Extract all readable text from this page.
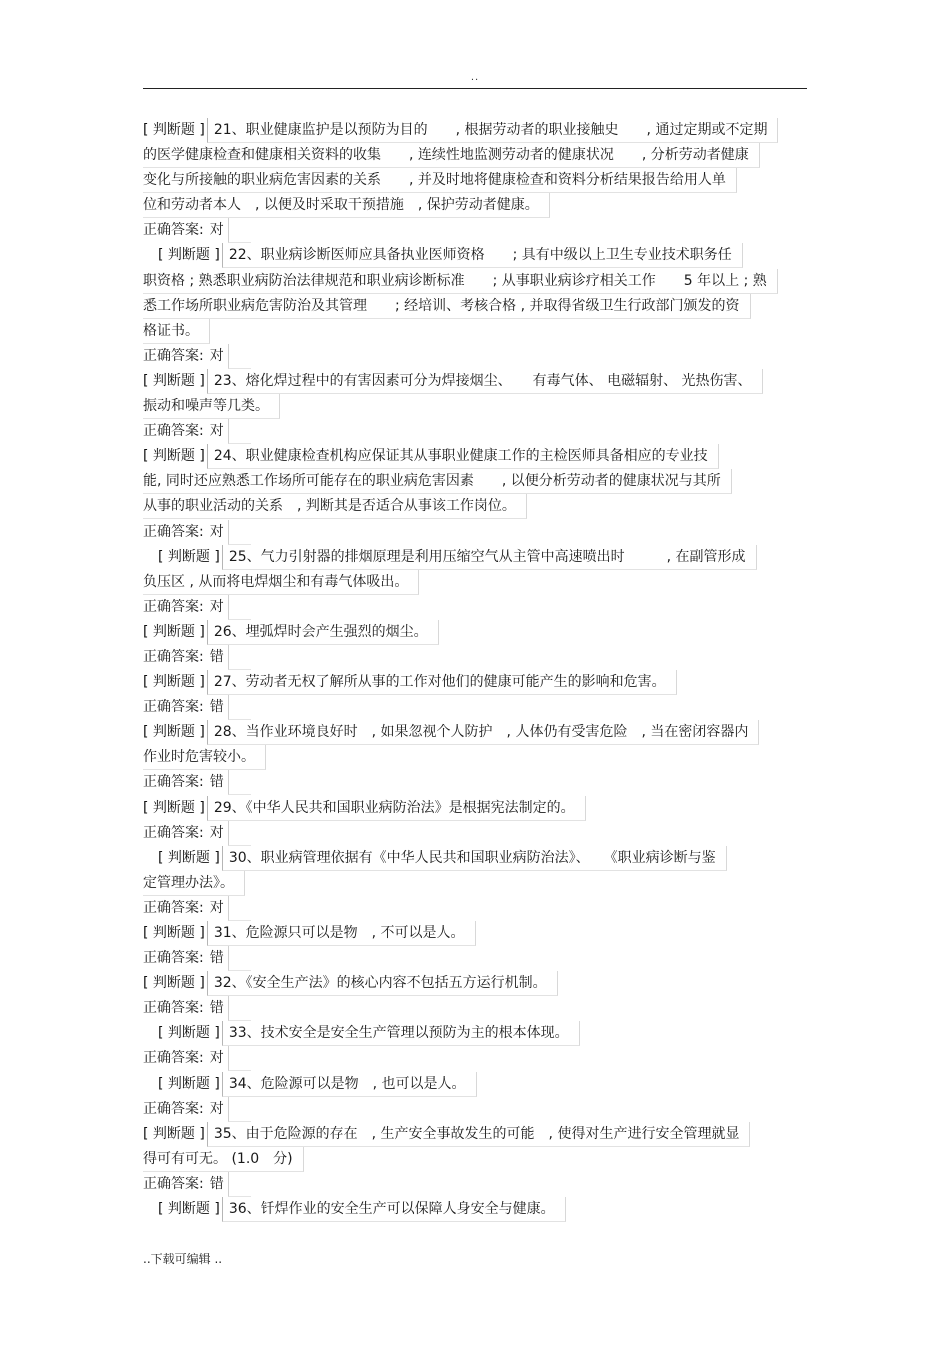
..
[ 判断题 ] 21、职业健康监护是以预防为目的　　, 根据劳动者的职业接触史　　, 通过定期或不定期
的医学健康检查和健康相关资料的收集　　, 连续性地监测劳动者的健康状况　　, 分析劳动者健康
变化与所接触的职业病危害因素的关系　　, 并及时地将健康检查和资料分析结果报告给用人单
位和劳动者本人　, 以便及时采取干预措施　, 保护劳动者健康。
正确答案: 对
[ 判断题 ] 22、职业病诊断医师应具备执业医师资格　　; 具有中级以上卫生专业技术职务任
职资格 ; 熟悉职业病防治法律规范和职业病诊断标准　　; 从事职业病诊疗相关工作　　5 年以上 ; 熟
悉工作场所职业病危害防治及其管理　　; 经培训、考核合格 , 并取得省级卫生行政部门颁发的资
格证书。
正确答案: 对
[ 判断题 ] 23、熔化焊过程中的有害因素可分为焊接烟尘、　　有毒气体、 电磁辐射、 光热伤害、
振动和噪声等几类。
正确答案: 对
[ 判断题 ] 24、职业健康检查机构应保证其从事职业健康工作的主检医师具备相应的专业技
能, 同时还应熟悉工作场所可能存在的职业病危害因素　　, 以便分析劳动者的健康状况与其所
从事的职业活动的关系　, 判断其是否适合从事该工作岗位。
正确答案: 对
[ 判断题 ] 25、气力引射器的排烟原理是利用压缩空气从主管中高速喷出时　　　, 在副管形成
负压区 , 从而将电焊烟尘和有毒气体吸出。
正确答案: 对
[ 判断题 ] 26、埋弧焊时会产生强烈的烟尘。
正确答案: 错
[ 判断题 ] 27、劳动者无权了解所从事的工作对他们的健康可能产生的影响和危害。
正确答案: 错
[ 判断题 ] 28、当作业环境良好时　, 如果忽视个人防护　, 人体仍有受害危险　, 当在密闭容器内
作业时危害较小。
正确答案: 错
[ 判断题 ] 29、《中华人民共和国职业病防治法》是根据宪法制定的。
正确答案: 对
[ 判断题 ] 30、职业病管理依据有《中华人民共和国职业病防治法》、　　《职业病诊断与鉴
定管理办法》。
正确答案: 对
[ 判断题 ] 31、危险源只可以是物　, 不可以是人。
正确答案: 错
[ 判断题 ] 32、《安全生产法》的核心内容不包括五方运行机制。
正确答案: 错
[ 判断题 ] 33、技术安全是安全生产管理以预防为主的根本体现。
正确答案: 对
[ 判断题 ] 34、危险源可以是物　, 也可以是人。
正确答案: 对
[ 判断题 ] 35、由于危险源的存在　, 生产安全事故发生的可能　, 使得对生产进行安全管理就显
得可有可无。 (1.0　分)
正确答案: 错
[ 判断题 ] 36、钎焊作业的安全生产可以保障人身安全与健康。
..下载可编辑 ..
